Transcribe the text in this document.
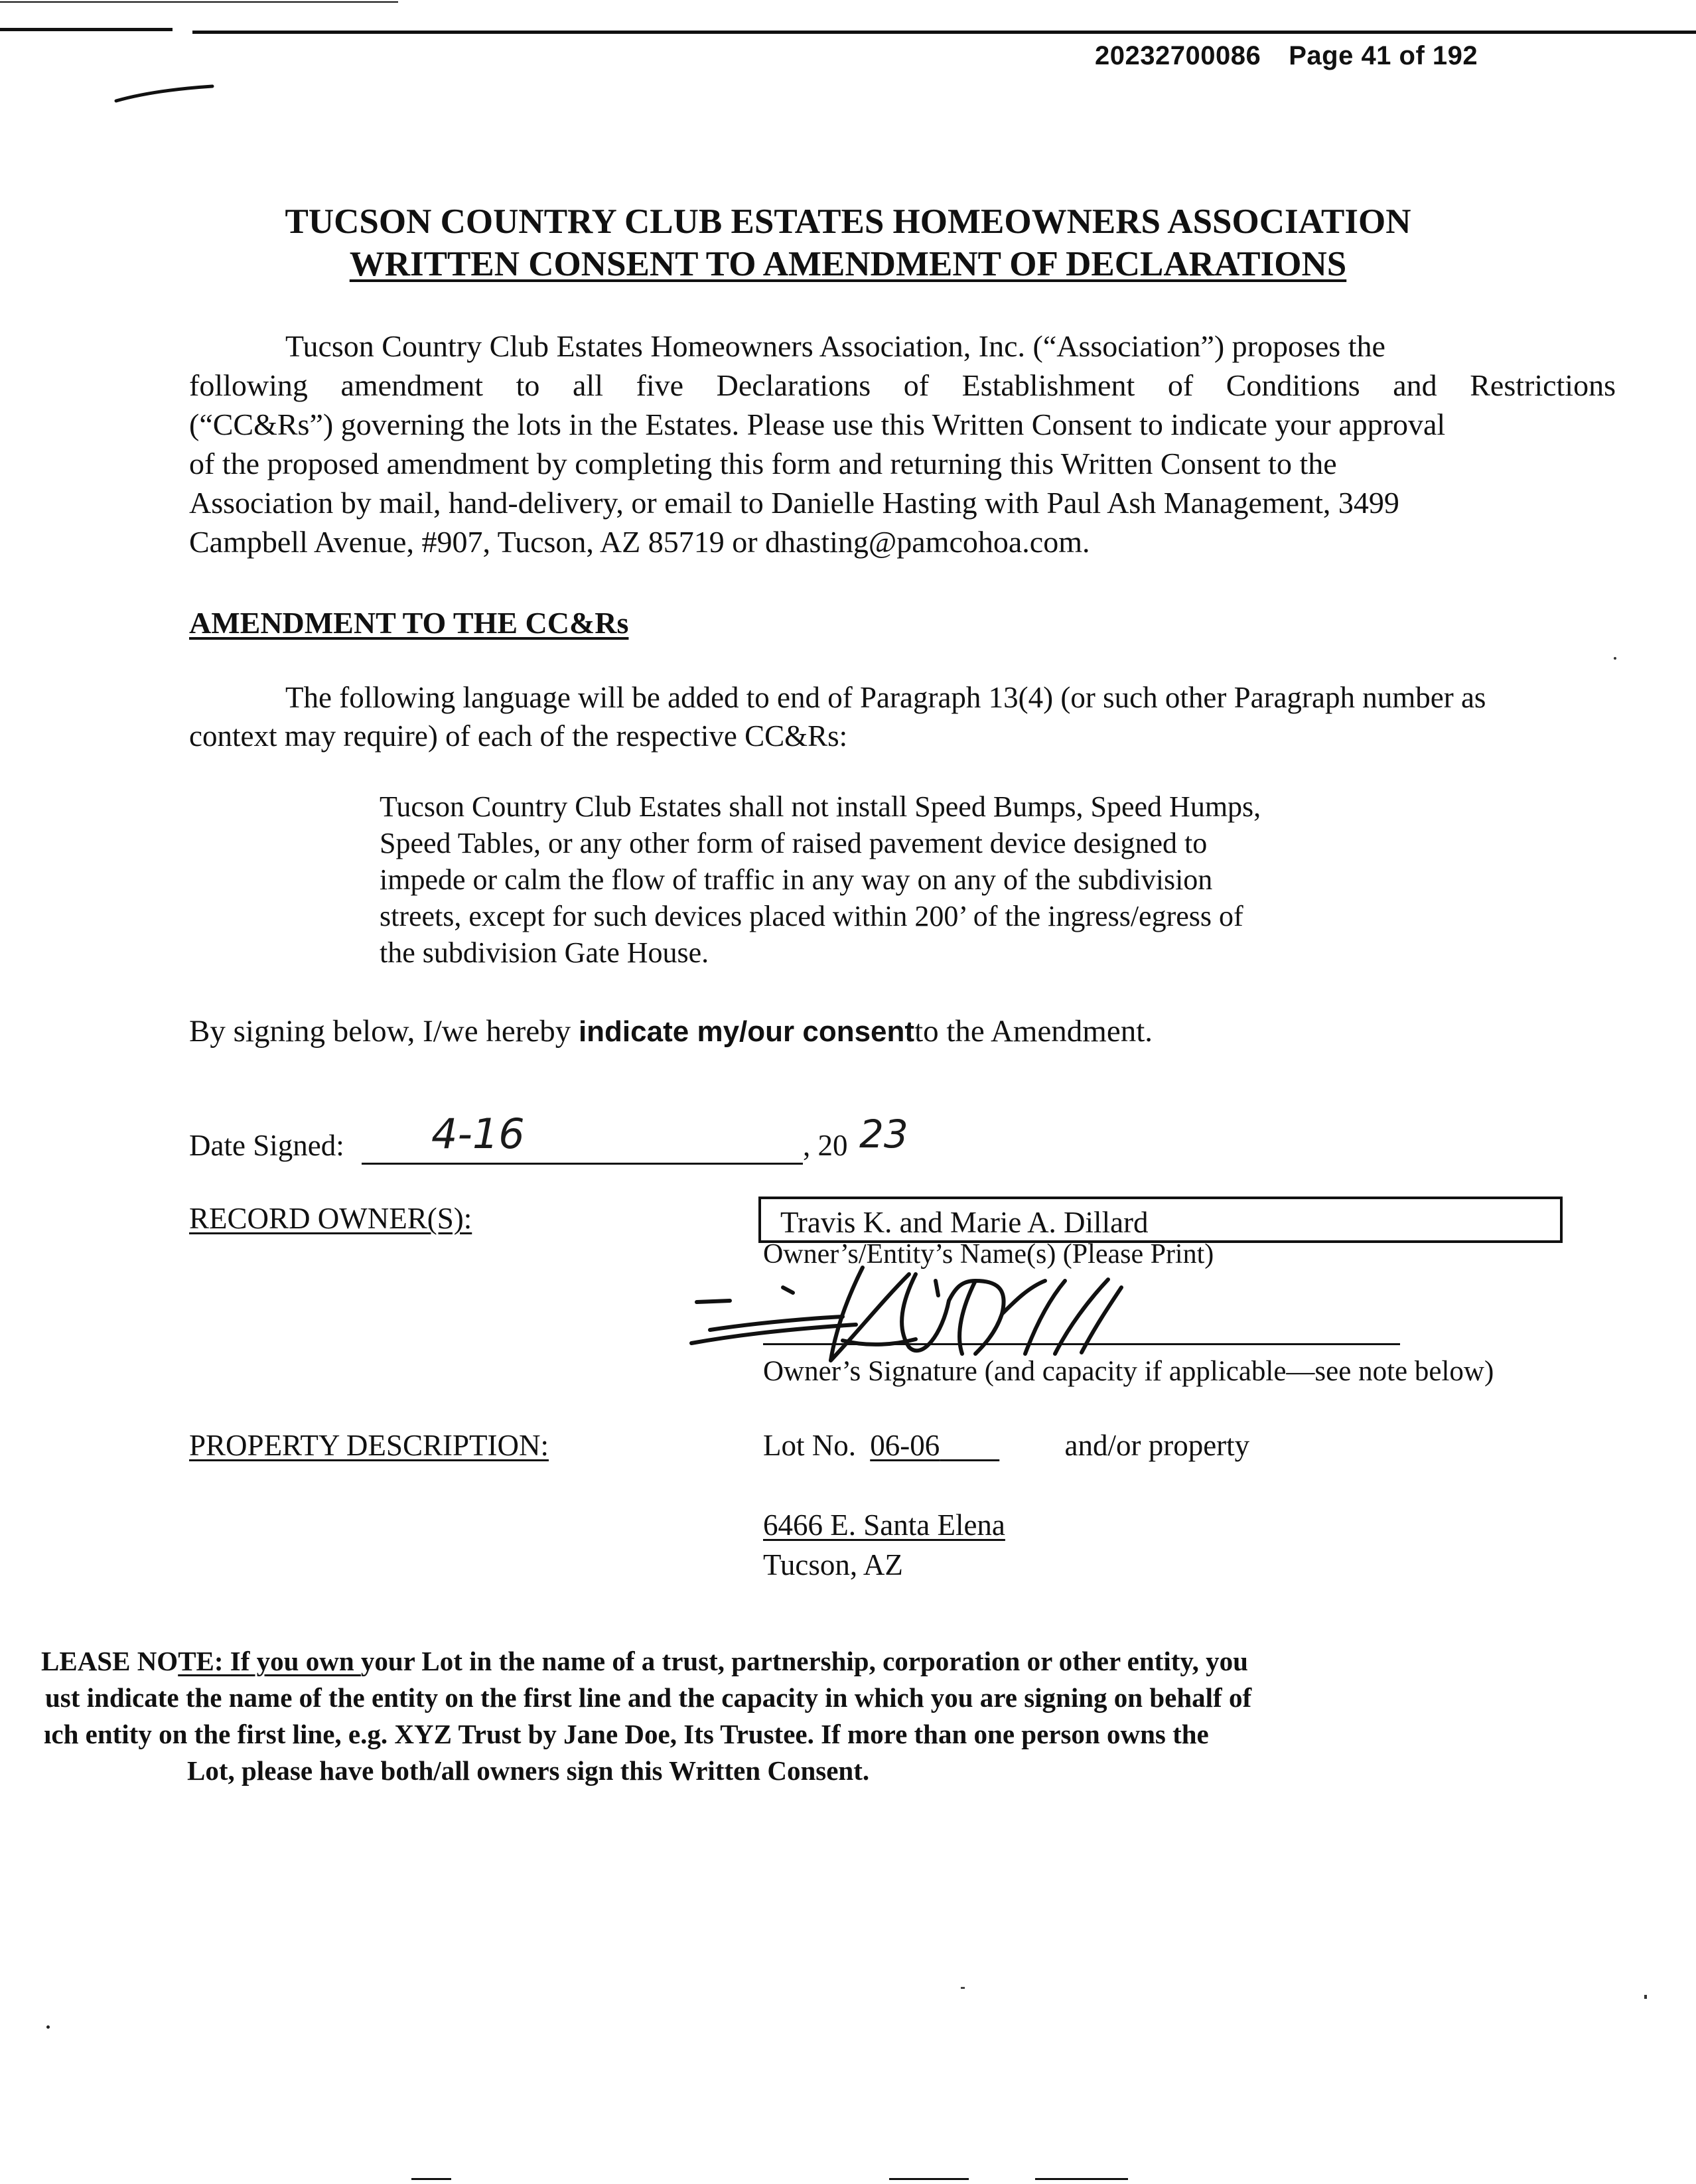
20232700086 Page 41 of 192
TUCSON COUNTRY CLUB ESTATES HOMEOWNERS ASSOCIATION
WRITTEN CONSENT TO AMENDMENT OF DECLARATIONS
Tucson Country Club Estates Homeowners Association, Inc. (“Association”) proposes the
following amendment to all five Declarations of Establishment of Conditions and Restrictions
(“CC&Rs”) governing the lots in the Estates. Please use this Written Consent to indicate your approval
of the proposed amendment by completing this form and returning this Written Consent to the
Association by mail, hand-delivery, or email to Danielle Hasting with Paul Ash Management, 3499
Campbell Avenue, #907, Tucson, AZ 85719 or dhasting@pamcohoa.com.
AMENDMENT TO THE CC&Rs
The following language will be added to end of Paragraph 13(4) (or such other Paragraph number as
context may require) of each of the respective CC&Rs:
Tucson Country Club Estates shall not install Speed Bumps, Speed Humps,
Speed Tables, or any other form of raised pavement device designed to
impede or calm the flow of traffic in any way on any of the subdivision
streets, except for such devices placed within 200’ of the ingress/egress of
the subdivision Gate House.
By signing below, I/we hereby indicate my/our consentto the Amendment.
Date Signed: 4-16	, 20 23
RECORD OWNER(S):	Travis K. and Marie A. Dillard
Owner’s/Entity’s Name(s) (Please Print)
Owner’s Signature (and capacity if applicable—see note below)
PROPERTY DESCRIPTION:	Lot No. 06-06	and/or property
6466 E. Santa Elena
Tucson, AZ
LEASE NOTE: If you own your Lot in the name of a trust, partnership, corporation or other entity, you
ust indicate the name of the entity on the first line and the capacity in which you are signing on behalf of
ıch entity on the first line, e.g. XYZ Trust by Jane Doe, Its Trustee. If more than one person owns the
Lot, please have both/all owners sign this Written Consent.
